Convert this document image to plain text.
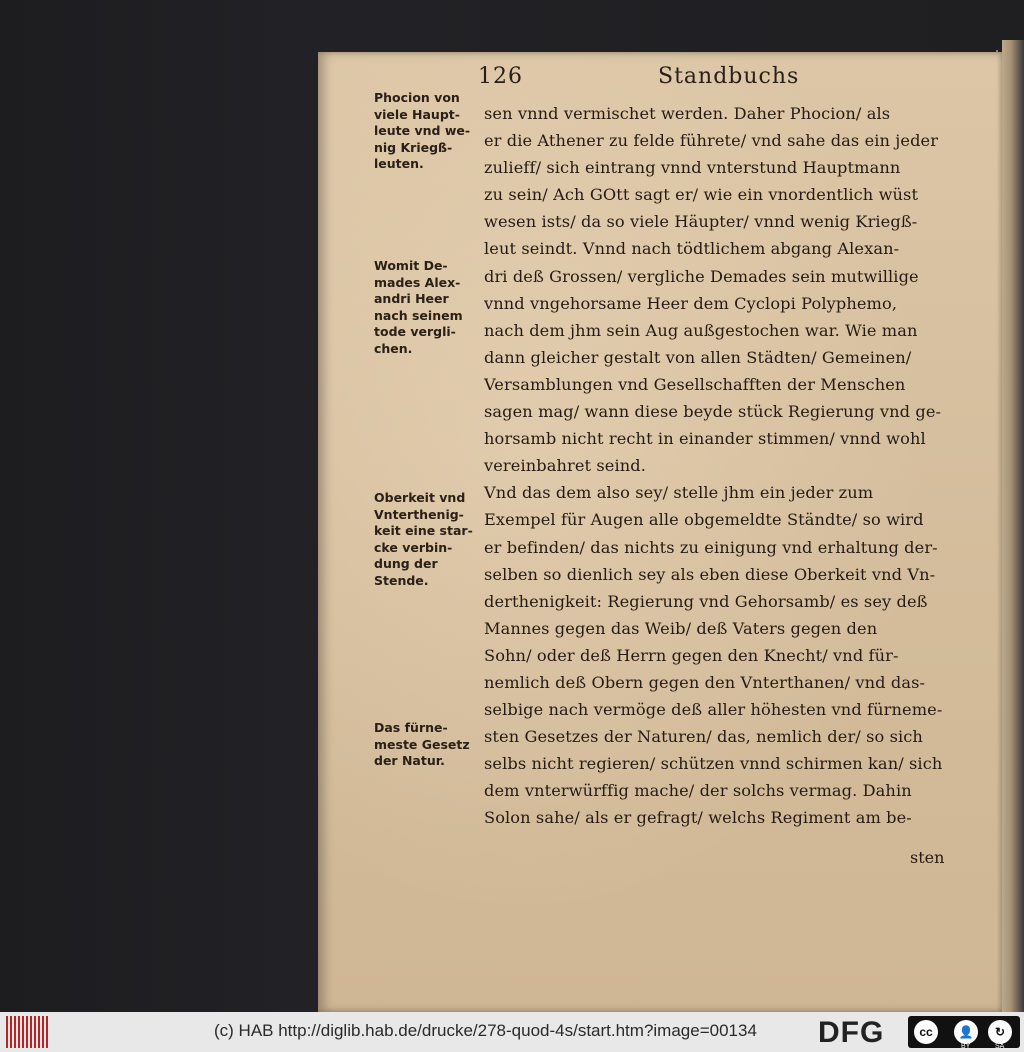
126	Standbuchs
Phocion von
viele Haupt-
leute vnd we-
nig Kriegß-
leuten.
Womit De-
mades Alex-
andri Heer
nach seinem
tode vergli-
chen.
Oberkeit vnd
Vnterthenig-
keit eine star-
cke verbin-
dung der
Stende.
Das fürne-
meste Gesetz
der Natur.
sen vnnd vermischet werden. Daher Phocion/ als
er die Athener zu felde führete/ vnd sahe das ein jeder
zulieff/ sich eintrang vnnd vnterstund Hauptmann
zu sein/ Ach GOtt sagt er/ wie ein vnordentlich wüst
wesen ists/ da so viele Häupter/ vnnd wenig Kriegß-
leut seindt. Vnnd nach tödtlichem abgang Alexan-
dri deß Grossen/ vergliche Demades sein mutwillige
vnnd vngehorsame Heer dem Cyclopi Polyphemo,
nach dem jhm sein Aug außgestochen war. Wie man
dann gleicher gestalt von allen Städten/ Gemeinen/
Versamblungen vnd Gesellschafften der Menschen
sagen mag/ wann diese beyde stück Regierung vnd ge-
horsamb nicht recht in einander stimmen/ vnnd wohl
vereinbahret seind.
Vnd das dem also sey/ stelle jhm ein jeder zum
Exempel für Augen alle obgemeldte Ständte/ so wird
er befinden/ das nichts zu einigung vnd erhaltung der-
selben so dienlich sey als eben diese Oberkeit vnd Vn-
derthenigkeit: Regierung vnd Gehorsamb/ es sey deß
Mannes gegen das Weib/ deß Vaters gegen den
Sohn/ oder deß Herrn gegen den Knecht/ vnd für-
nemlich deß Obern gegen den Vnterthanen/ vnd das-
selbige nach vermöge deß aller höhesten vnd fürneme-
sten Gesetzes der Naturen/ das, nemlich der/ so sich
selbs nicht regieren/ schützen vnnd schirmen kan/ sich
dem vnterwürffig mache/ der solchs vermag. Dahin
Solon sahe/ als er gefragt/ welchs Regiment am be-
sten
(c) HAB http://diglib.hab.de/drucke/278-quod-4s/start.htm?image=00134 DFG	cc	👤	↻
BY	SA
